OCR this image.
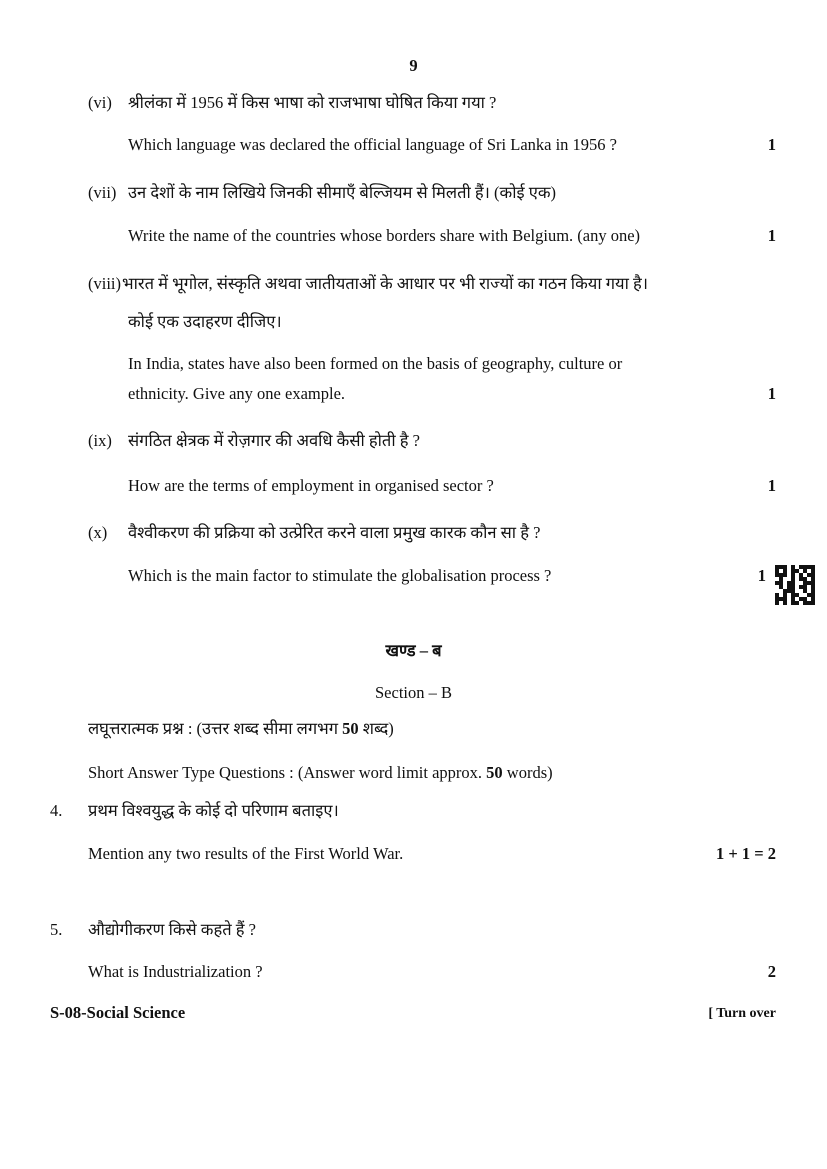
9
(vi) श्रीलंका में 1956 में किस भाषा को राजभाषा घोषित किया गया ?
Which language was declared the official language of Sri Lanka in 1956 ?	1
(vii) उन देशों के नाम लिखिये जिनकी सीमाएँ बेल्जियम से मिलती हैं। (कोई एक)
Write the name of the countries whose borders share with Belgium. (any one)	1
(viii) भारत में भूगोल, संस्कृति अथवा जातीयताओं के आधार पर भी राज्यों का गठन किया गया है।
कोई एक उदाहरण दीजिए।
In India, states have also been formed on the basis of geography, culture or
ethnicity. Give any one example.	1
(ix) संगठित क्षेत्रक में रोज़गार की अवधि कैसी होती है ?
How are the terms of employment in organised sector ?	1
(x) वैश्वीकरण की प्रक्रिया को उत्प्रेरित करने वाला प्रमुख कारक कौन सा है ?
Which is the main factor to stimulate the globalisation process ?	1
खण्ड – ब
Section – B
लघूत्तरात्मक प्रश्न : (उत्तर शब्द सीमा लगभग 50 शब्द)
Short Answer Type Questions : (Answer word limit approx. 50 words)
4. प्रथम विश्वयुद्ध के कोई दो परिणाम बताइए।
Mention any two results of the First World War.	1 + 1 = 2
5. औद्योगीकरण किसे कहते हैं ?
What is Industrialization ?	2
S-08-Social Science	[ Turn over
